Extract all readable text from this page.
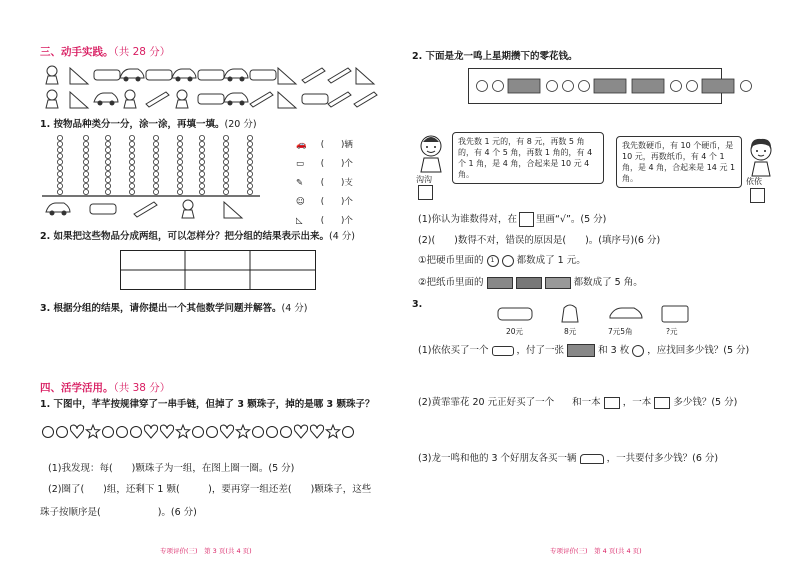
三、动手实践。（共 28 分）
1. 按物品种类分一分，涂一涂，再填一填。(20 分)
🚗 (　　)辆
▭ (　　)个
✎ (　　)支
☺ (　　)个
◺ (　　)个
2. 如果把这些物品分成两组，可以怎样分？把分组的结果表示出来。(4 分)
3. 根据分组的结果，请你提出一个其他数学问题并解答。(4 分)
四、活学活用。（共 38 分）
1. 下图中，芊芊按规律穿了一串手链，但掉了 3 颗珠子，掉的是哪 3 颗珠子？
(1)我发现：每(　　)颗珠子为一组，在图上圈一圈。(5 分)
(2)圈了(　　)组，还剩下 1 颗(　　　)，要再穿一组还差(　　)颗珠子，这些
珠子按顺序是(　　　　　　)。(6 分)
专项评价(三)　第 3 页(共 4 页)
2. 下面是龙一鸣上星期攒下的零花钱。
沟沟
我先数 1 元的，有 8 元，再数 5 角的，有 4 个 5 角，再数 1 角的，有 4 个 1 角，是 4 角，合起来是 10 元 4 角。
我先数硬币，有 10 个硬币，是 10 元，再数纸币，有 4 个 1 角，是 4 角，合起来是 14 元 1 角。	依依
(1)你认为谁数得对，在 里画“√”。(5 分)
(2)(　　)数得不对，错误的原因是(　　)。(填序号)(6 分)
①把硬币里面的 1 都数成了 1 元。
②把纸币里面的	都数成了 5 角。
3.
20元	8元	7元5角	?元
(1)依依买了一个	，付了一张	和 3 枚 ，应找回多少钱？(5 分)
(2)黄霏霏花 20 元正好买了一个 和一本 ，一本 多少钱？(5 分)
(3)龙一鸣和他的 3 个好朋友各买一辆	，一共要付多少钱？(6 分)
专项评价(三)　第 4 页(共 4 页)
